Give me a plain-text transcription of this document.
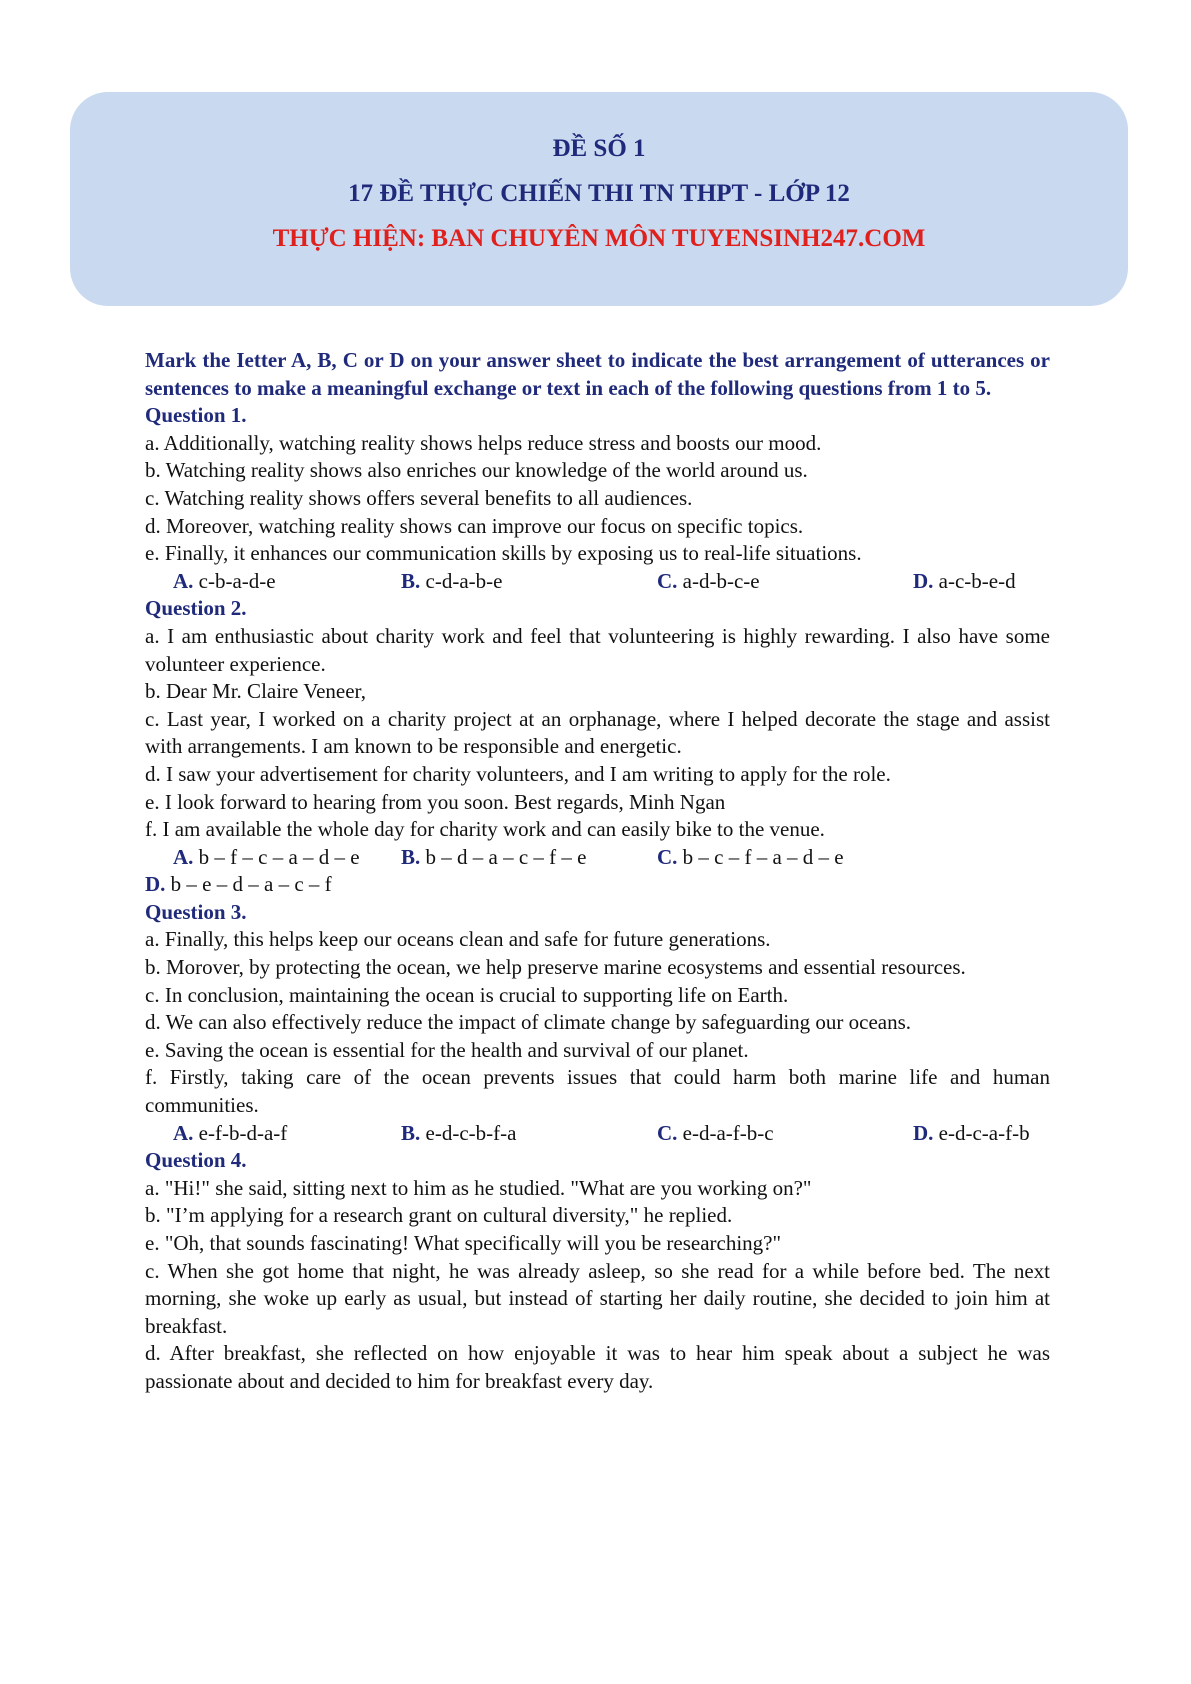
ĐỀ SỐ 1
17 ĐỀ THỰC CHIẾN THI TN THPT - LỚP 12
THỰC HIỆN: BAN CHUYÊN MÔN TUYENSINH247.COM
Mark the Ietter A, B, C or D on your answer sheet to indicate the best arrangement of utterances or sentences to make a meaningful exchange or text in each of the following questions from 1 to 5.
Question 1.
a. Additionally, watching reality shows helps reduce stress and boosts our mood.
b. Watching reality shows also enriches our knowledge of the world around us.
c. Watching reality shows offers several benefits to all audiences.
d. Moreover, watching reality shows can improve our focus on specific topics.
e. Finally, it enhances our communication skills by exposing us to real-life situations.
A. c-b-a-d-e	B. c-d-a-b-e	C. a-d-b-c-e	D. a-c-b-e-d
Question 2.
a. I am enthusiastic about charity work and feel that volunteering is highly rewarding. I also have some volunteer experience.
b. Dear Mr. Claire Veneer,
c. Last year, I worked on a charity project at an orphanage, where I helped decorate the stage and assist with arrangements. I am known to be responsible and energetic.
d. I saw your advertisement for charity volunteers, and I am writing to apply for the role.
e. I look forward to hearing from you soon. Best regards, Minh Ngan
f. I am available the whole day for charity work and can easily bike to the venue.
A. b – f – c – a – d – e	B. b – d – a – c – f – e	C. b – c – f – a – d – e
D. b – e – d – a – c – f
Question 3.
a. Finally, this helps keep our oceans clean and safe for future generations.
b. Morover, by protecting the ocean, we help preserve marine ecosystems and essential resources.
c. In conclusion, maintaining the ocean is crucial to supporting life on Earth.
d. We can also effectively reduce the impact of climate change by safeguarding our oceans.
e. Saving the ocean is essential for the health and survival of our planet.
f. Firstly, taking care of the ocean prevents issues that could harm both marine life and human communities.
A. e-f-b-d-a-f	B. e-d-c-b-f-a	C. e-d-a-f-b-c	D. e-d-c-a-f-b
Question 4.
a. "Hi!" she said, sitting next to him as he studied. "What are you working on?"
b. "I’m applying for a research grant on cultural diversity," he replied.
e. "Oh, that sounds fascinating! What specifically will you be researching?"
c. When she got home that night, he was already asleep, so she read for a while before bed. The next morning, she woke up early as usual, but instead of starting her daily routine, she decided to join him at breakfast.
d. After breakfast, she reflected on how enjoyable it was to hear him speak about a subject he was passionate about and decided to him for breakfast every day.
